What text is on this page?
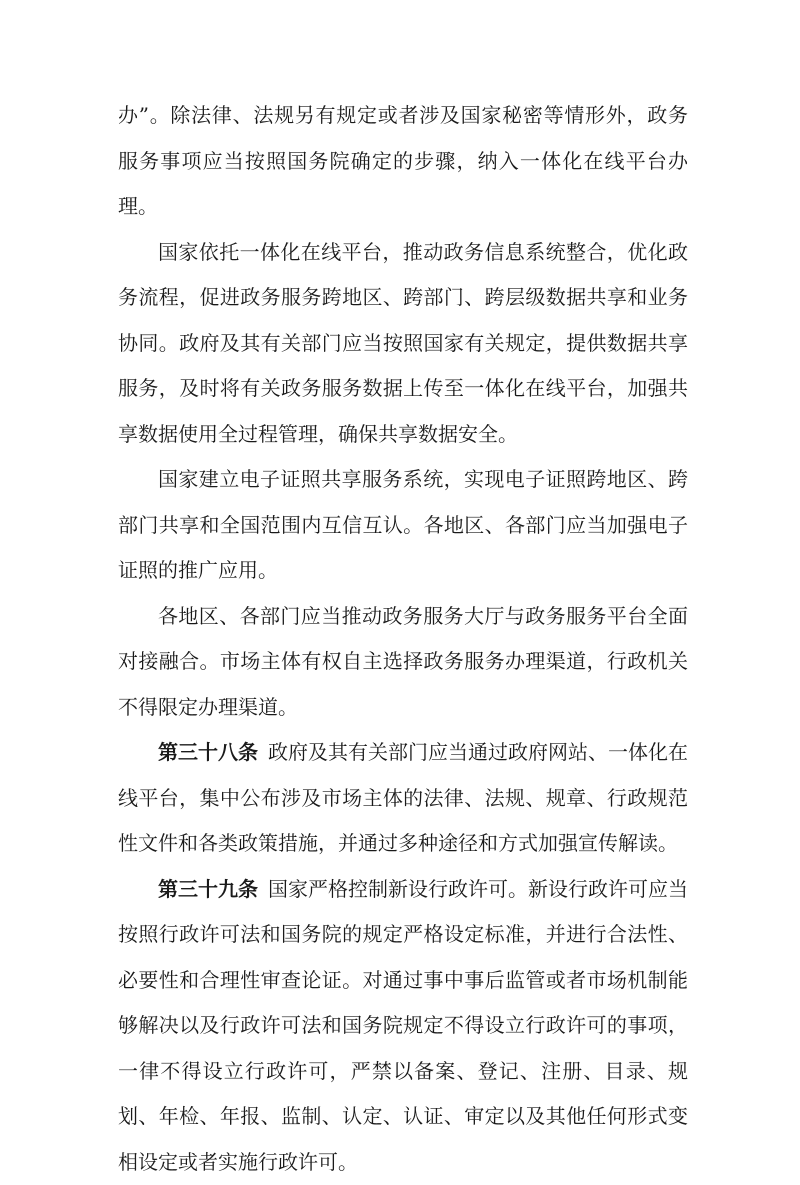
办”。除法律、法规另有规定或者涉及国家秘密等情形外，政务服务事项应当按照国务院确定的步骤，纳入一体化在线平台办理。

国家依托一体化在线平台，推动政务信息系统整合，优化政务流程，促进政务服务跨地区、跨部门、跨层级数据共享和业务协同。政府及其有关部门应当按照国家有关规定，提供数据共享服务，及时将有关政务服务数据上传至一体化在线平台，加强共享数据使用全过程管理，确保共享数据安全。

国家建立电子证照共享服务系统，实现电子证照跨地区、跨部门共享和全国范围内互信互认。各地区、各部门应当加强电子证照的推广应用。

各地区、各部门应当推动政务服务大厅与政务服务平台全面对接融合。市场主体有权自主选择政务服务办理渠道，行政机关不得限定办理渠道。

第三十八条 政府及其有关部门应当通过政府网站、一体化在线平台，集中公布涉及市场主体的法律、法规、规章、行政规范性文件和各类政策措施，并通过多种途径和方式加强宣传解读。

第三十九条 国家严格控制新设行政许可。新设行政许可应当按照行政许可法和国务院的规定严格设定标准，并进行合法性、必要性和合理性审查论证。对通过事中事后监管或者市场机制能够解决以及行政许可法和国务院规定不得设立行政许可的事项，一律不得设立行政许可，严禁以备案、登记、注册、目录、规划、年检、年报、监制、认定、认证、审定以及其他任何形式变相设定或者实施行政许可。
